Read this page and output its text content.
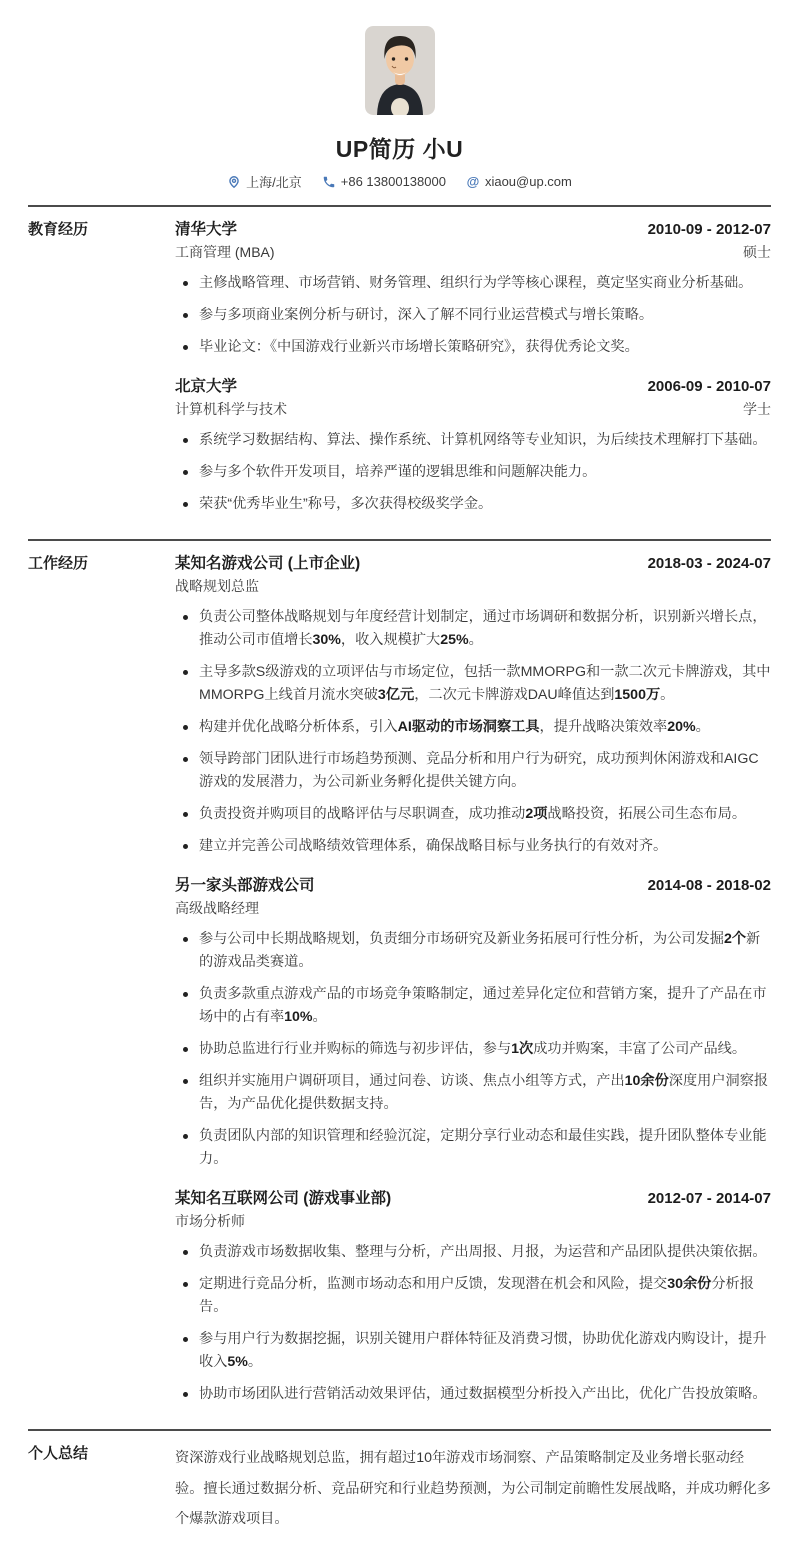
UP简历 小U
上海/北京	+86 13800138000 @ xiaou@up.com
教育经历	清华大学	2010-09 - 2012-07
工商管理 (MBA)	硕士
主修战略管理、市场营销、财务管理、组织行为学等核心课程，奠定坚实商业分析基础。
参与多项商业案例分析与研讨，深入了解不同行业运营模式与增长策略。
毕业论文：《中国游戏行业新兴市场增长策略研究》，获得优秀论文奖。
北京大学	2006-09 - 2010-07
计算机科学与技术	学士
系统学习数据结构、算法、操作系统、计算机网络等专业知识，为后续技术理解打下基础。
参与多个软件开发项目，培养严谨的逻辑思维和问题解决能力。
荣获“优秀毕业生”称号，多次获得校级奖学金。
工作经历	某知名游戏公司 (上市企业)	2018-03 - 2024-07
战略规划总监
负责公司整体战略规划与年度经营计划制定，通过市场调研和数据分析，识别新兴增长点，推动公司市值增长30%，收入规模扩大25%。
主导多款S级游戏的立项评估与市场定位，包括一款MMORPG和一款二次元卡牌游戏，其中MMORPG上线首月流水突破3亿元，二次元卡牌游戏DAU峰值达到1500万。
构建并优化战略分析体系，引入AI驱动的市场洞察工具，提升战略决策效率20%。
领导跨部门团队进行市场趋势预测、竞品分析和用户行为研究，成功预判休闲游戏和AIGC游戏的发展潜力，为公司新业务孵化提供关键方向。
负责投资并购项目的战略评估与尽职调查，成功推动2项战略投资，拓展公司生态布局。
建立并完善公司战略绩效管理体系，确保战略目标与业务执行的有效对齐。
另一家头部游戏公司	2014-08 - 2018-02
高级战略经理
参与公司中长期战略规划，负责细分市场研究及新业务拓展可行性分析，为公司发掘2个新的游戏品类赛道。
负责多款重点游戏产品的市场竞争策略制定，通过差异化定位和营销方案，提升了产品在市场中的占有率10%。
协助总监进行行业并购标的筛选与初步评估，参与1次成功并购案，丰富了公司产品线。
组织并实施用户调研项目，通过问卷、访谈、焦点小组等方式，产出10余份深度用户洞察报告，为产品优化提供数据支持。
负责团队内部的知识管理和经验沉淀，定期分享行业动态和最佳实践，提升团队整体专业能力。
某知名互联网公司 (游戏事业部)	2012-07 - 2014-07
市场分析师
负责游戏市场数据收集、整理与分析，产出周报、月报，为运营和产品团队提供决策依据。
定期进行竞品分析，监测市场动态和用户反馈，发现潜在机会和风险，提交30余份分析报告。
参与用户行为数据挖掘，识别关键用户群体特征及消费习惯，协助优化游戏内购设计，提升收入5%。
协助市场团队进行营销活动效果评估，通过数据模型分析投入产出比，优化广告投放策略。
个人总结	资深游戏行业战略规划总监，拥有超过10年游戏市场洞察、产品策略制定及业务增长驱动经验。擅长通过数据分析、竞品研究和行业趋势预测，为公司制定前瞻性发展战略，并成功孵化多个爆款游戏项目。
